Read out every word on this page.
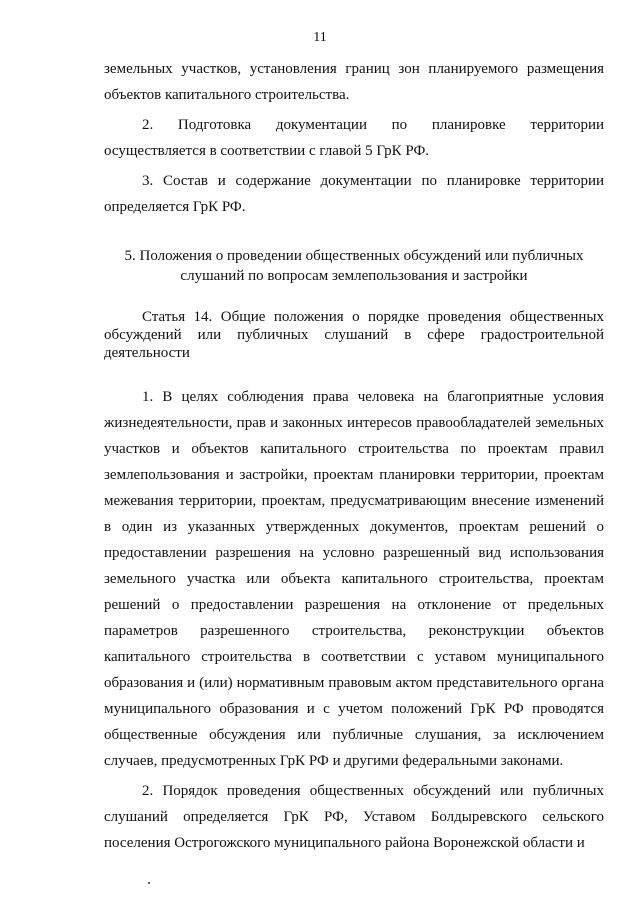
11

земельных участков, установления границ зон планируемого размещения объектов капитального строительства.

2. Подготовка документации по планировке территории осуществляется в соответствии с главой 5 ГрК РФ.

3. Состав и содержание документации по планировке территории определяется ГрК РФ.

5. Положения о проведении общественных обсуждений или публичных слушаний по вопросам землепользования и застройки

Статья 14. Общие положения о порядке проведения общественных обсуждений или публичных слушаний в сфере градостроительной деятельности

1. В целях соблюдения права человека на благоприятные условия жизнедеятельности, прав и законных интересов правообладателей земельных участков и объектов капитального строительства по проектам правил землепользования и застройки, проектам планировки территории, проектам межевания территории, проектам, предусматривающим внесение изменений в один из указанных утвержденных документов, проектам решений о предоставлении разрешения на условно разрешенный вид использования земельного участка или объекта капитального строительства, проектам решений о предоставлении разрешения на отклонение от предельных параметров разрешенного строительства, реконструкции объектов капитального строительства в соответствии с уставом муниципального образования и (или) нормативным правовым актом представительного органа муниципального образования и с учетом положений ГрК РФ проводятся общественные обсуждения или публичные слушания, за исключением случаев, предусмотренных ГрК РФ и другими федеральными законами.

2. Порядок проведения общественных обсуждений или публичных слушаний определяется ГрК РФ, Уставом Болдыревского сельского поселения Острогожского муниципального района Воронежской области и
